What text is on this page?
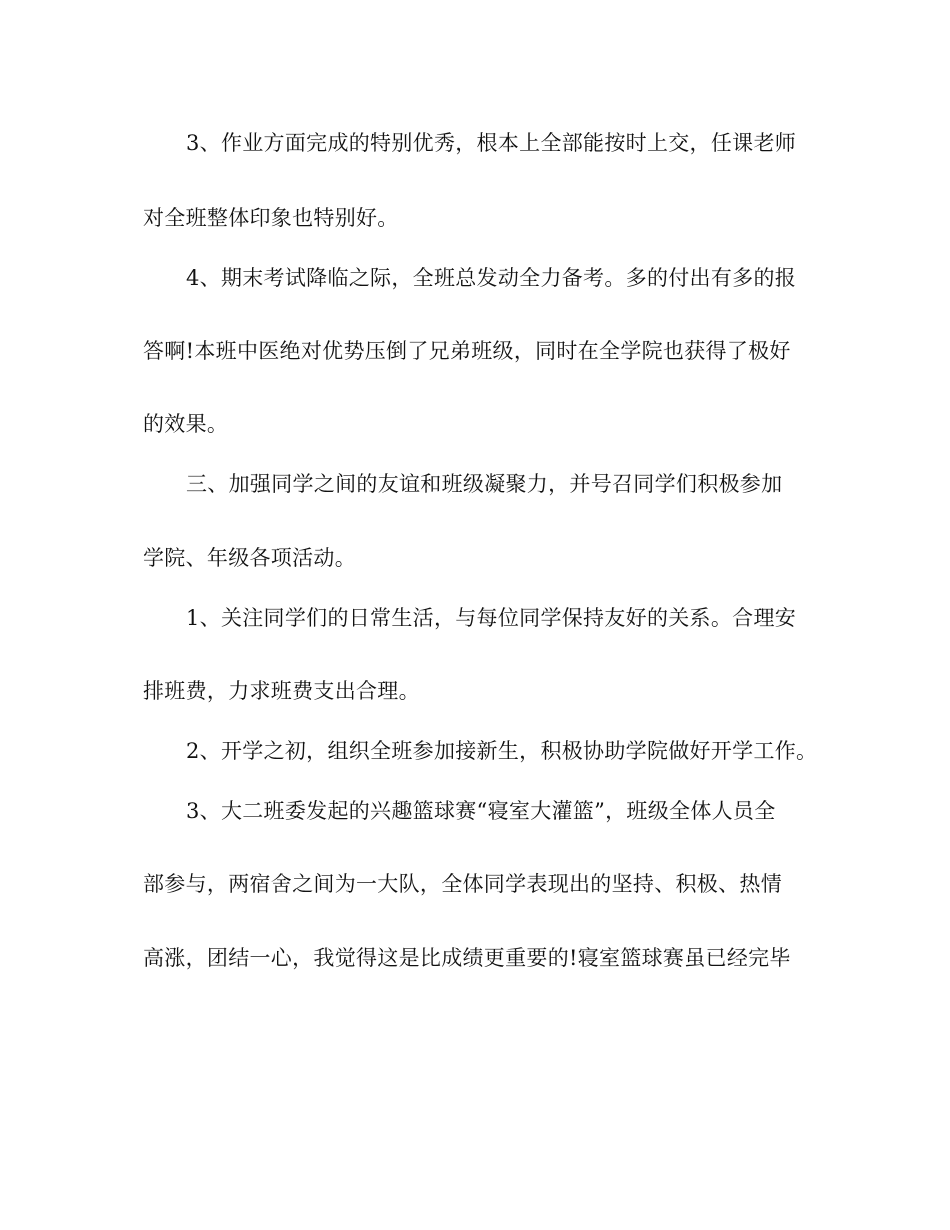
3、作业方面完成的特别优秀，根本上全部能按时上交，任课老师
对全班整体印象也特别好。
4、期末考试降临之际，全班总发动全力备考。多的付出有多的报
答啊!本班中医绝对优势压倒了兄弟班级，同时在全学院也获得了极好
的效果。
三、加强同学之间的友谊和班级凝聚力，并号召同学们积极参加
学院、年级各项活动。
1、关注同学们的日常生活，与每位同学保持友好的关系。合理安
排班费，力求班费支出合理。
2、开学之初，组织全班参加接新生，积极协助学院做好开学工作。
3、大二班委发起的兴趣篮球赛“寝室大灌篮”，班级全体人员全
部参与，两宿舍之间为一大队，全体同学表现出的坚持、积极、热情
高涨，团结一心，我觉得这是比成绩更重要的!寝室篮球赛虽已经完毕
